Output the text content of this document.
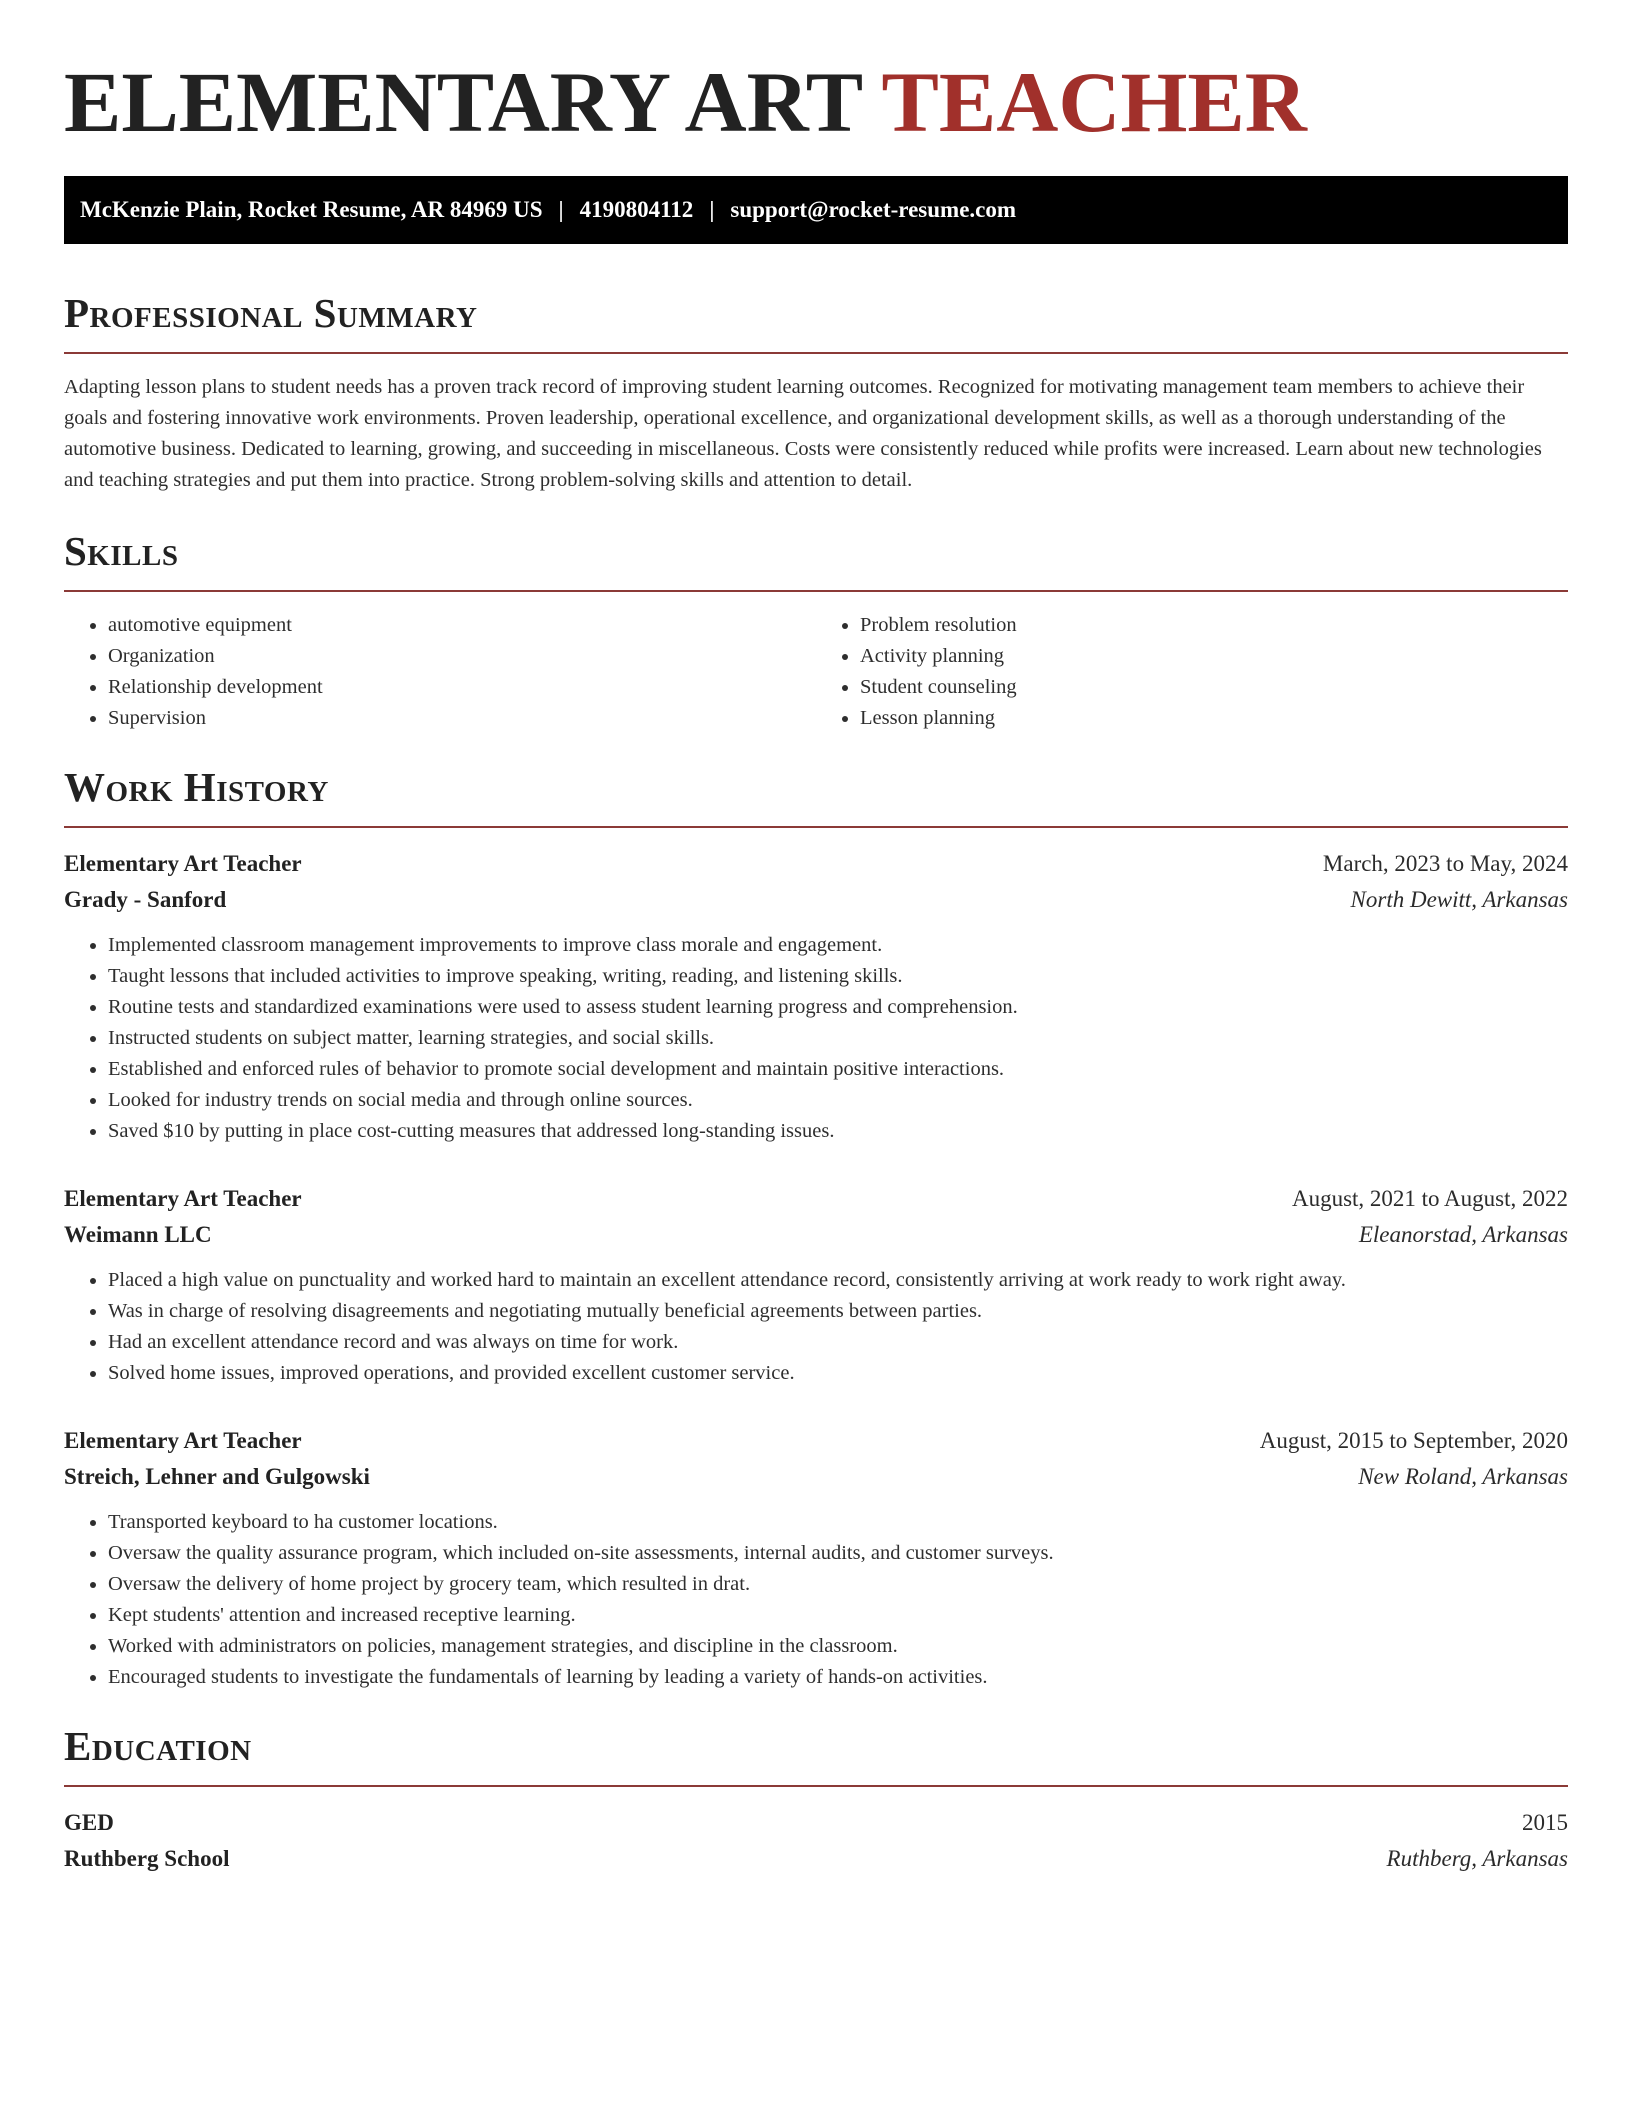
ELEMENTARY ART TEACHER
McKenzie Plain, Rocket Resume, AR 84969 US | 4190804112 | support@rocket-resume.com
Professional Summary

Adapting lesson plans to student needs has a proven track record of improving student learning outcomes. Recognized for motivating management team members to achieve their goals and fostering innovative work environments. Proven leadership, operational excellence, and organizational development skills, as well as a thorough understanding of the automotive business. Dedicated to learning, growing, and succeeding in miscellaneous. Costs were consistently reduced while profits were increased. Learn about new technologies and teaching strategies and put them into practice. Strong problem-solving skills and attention to detail.

Skills
• automotive equipment
• Organization
• Relationship development
• Supervision
• Problem resolution
• Activity planning
• Student counseling
• Lesson planning
Work History
Elementary Art Teacher	March, 2023 to May, 2024
Grady - Sanford	North Dewitt, Arkansas
• Implemented classroom management improvements to improve class morale and engagement.
• Taught lessons that included activities to improve speaking, writing, reading, and listening skills.
• Routine tests and standardized examinations were used to assess student learning progress and comprehension.
• Instructed students on subject matter, learning strategies, and social skills.
• Established and enforced rules of behavior to promote social development and maintain positive interactions.
• Looked for industry trends on social media and through online sources.
• Saved $10 by putting in place cost-cutting measures that addressed long-standing issues.
Elementary Art Teacher	August, 2021 to August, 2022
Weimann LLC	Eleanorstad, Arkansas
• Placed a high value on punctuality and worked hard to maintain an excellent attendance record, consistently arriving at work ready to work right away.
• Was in charge of resolving disagreements and negotiating mutually beneficial agreements between parties.
• Had an excellent attendance record and was always on time for work.
• Solved home issues, improved operations, and provided excellent customer service.
Elementary Art Teacher	August, 2015 to September, 2020
Streich, Lehner and Gulgowski	New Roland, Arkansas
• Transported keyboard to ha customer locations.
• Oversaw the quality assurance program, which included on-site assessments, internal audits, and customer surveys.
• Oversaw the delivery of home project by grocery team, which resulted in drat.
• Kept students' attention and increased receptive learning.
• Worked with administrators on policies, management strategies, and discipline in the classroom.
• Encouraged students to investigate the fundamentals of learning by leading a variety of hands-on activities.
Education
GED	2015
Ruthberg School	Ruthberg, Arkansas
